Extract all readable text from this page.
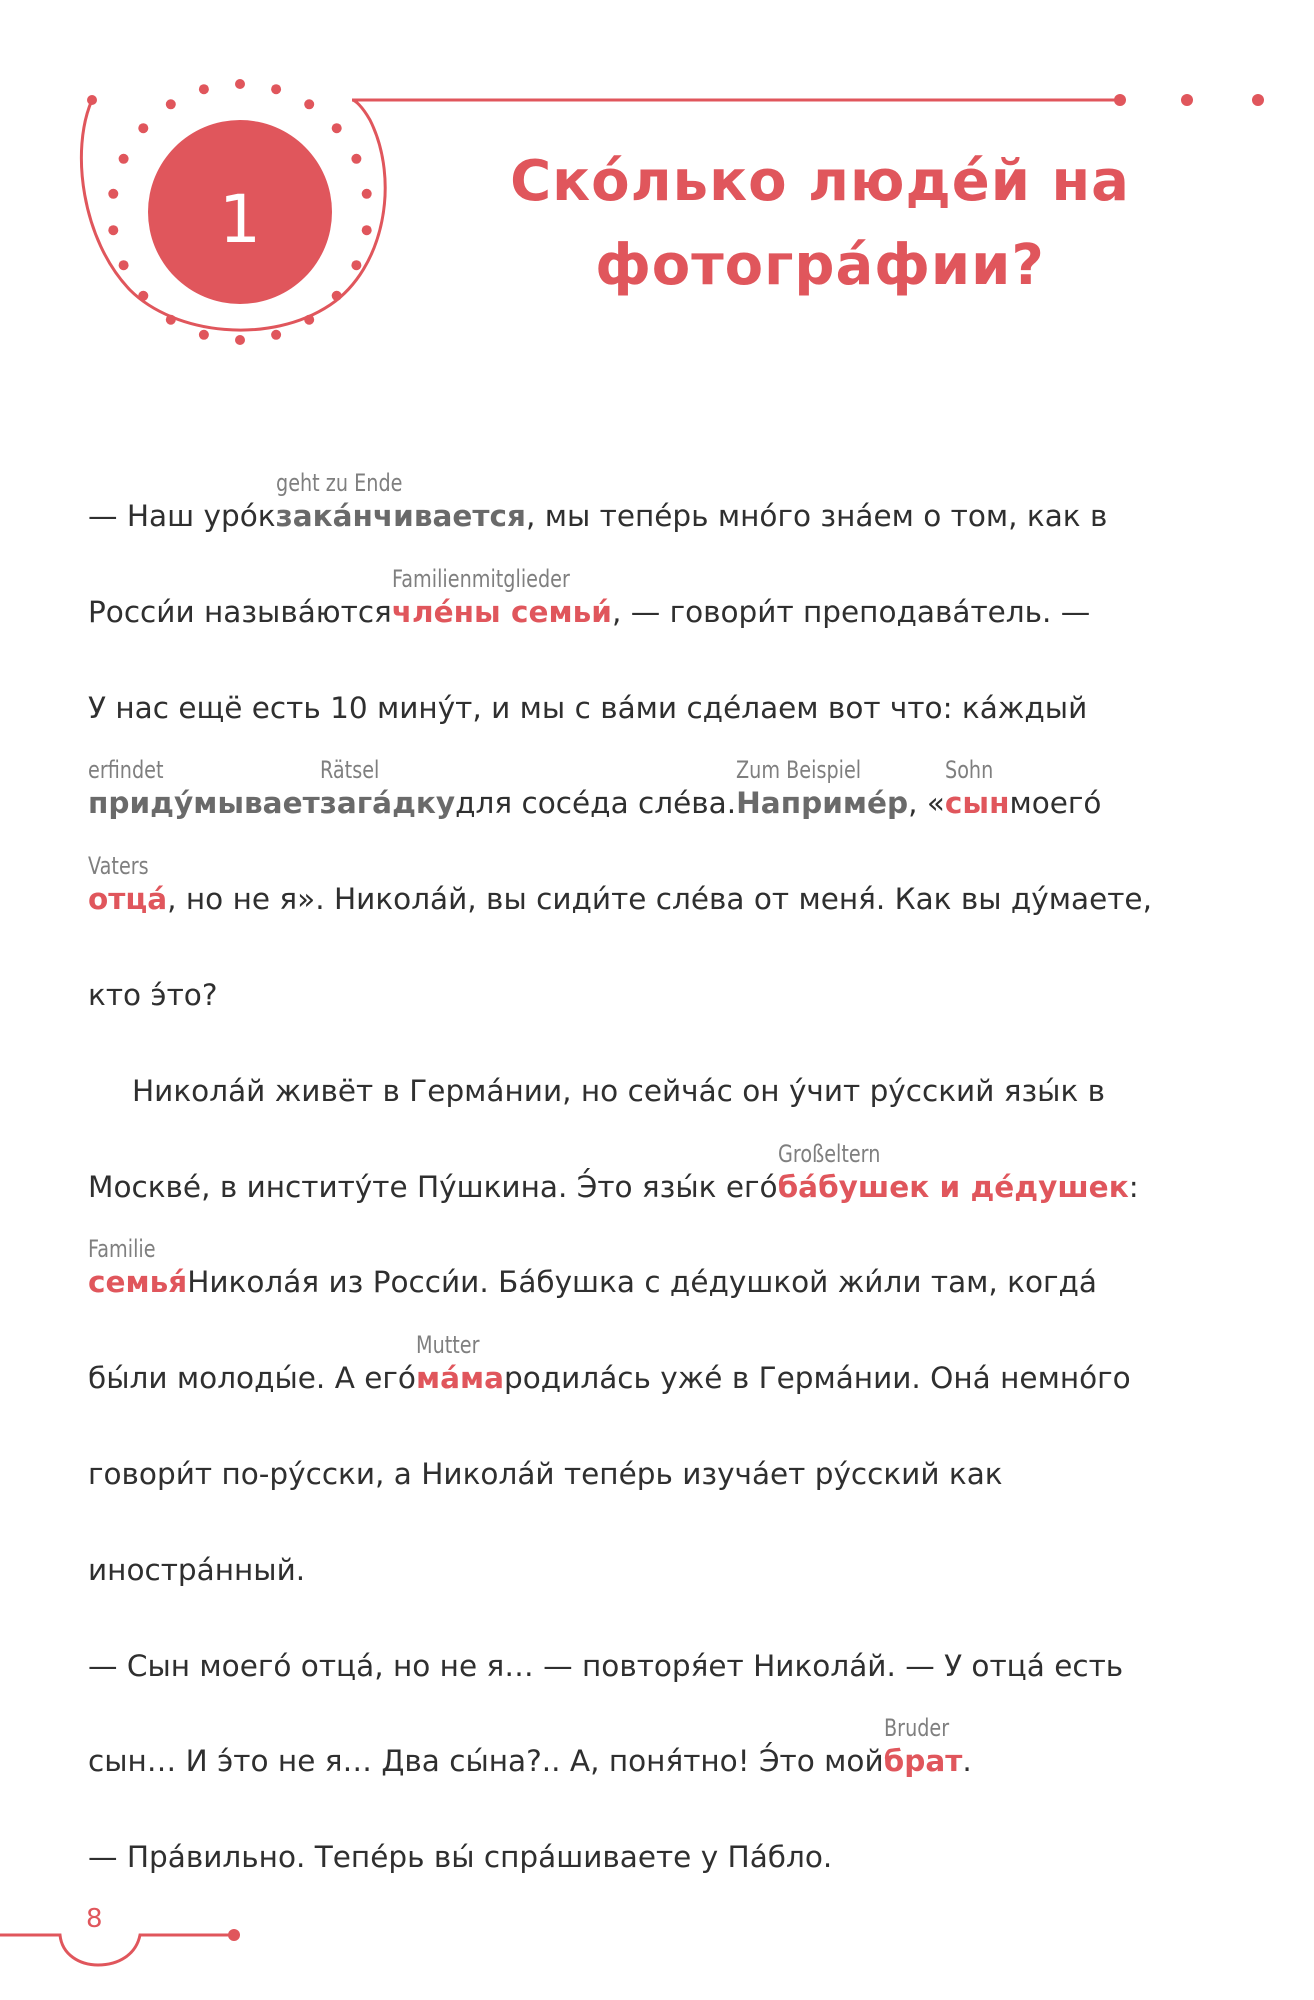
1	Ско́лько люде́й на
фотогра́фии?
— Наш уро́кзака́нчивается
geht zu Ende
, мы тепе́рь мно́го зна́ем о том, как в
Росси́и называ́ютсячле́ны семьи́
Familienmitglieder
, — говори́т преподава́тель. —
У нас ещё есть 10 мину́т, и мы с ва́ми сде́лаем вот что: ка́ждый
приду́мывает
erfindet
зага́дку
Rätsel
для сосе́да сле́ва.Наприме́р
Zum Beispiel
, «сын
Sohn
моего́
отца́
Vaters
, но не я». Никола́й, вы сиди́те сле́ва от меня́. Как вы ду́маете,
кто э́то?
Никола́й живёт в Герма́нии, но сейча́с он у́чит ру́сский язы́к в
Москве́, в институ́те Пу́шкина. Э́то язы́к его́ба́бушек и де́душек
Großeltern
:
семья́
Familie
Никола́я из Росси́и. Ба́бушка с де́душкой жи́ли там, когда́
бы́ли молоды́е. А его́ма́ма
Mutter
родила́сь уже́ в Герма́нии. Она́ немно́го
говори́т по-ру́сски, а Никола́й тепе́рь изуча́ет ру́сский как
иностра́нный.
— Сын моего́ отца́, но не я… — повторя́ет Никола́й. — У отца́ есть
сын… И э́то не я… Два сы́на?.. А, поня́тно! Э́то мойбрат
Bruder
.
— Пра́вильно. Тепе́рь вы́ спра́шиваете у Па́бло.
8
